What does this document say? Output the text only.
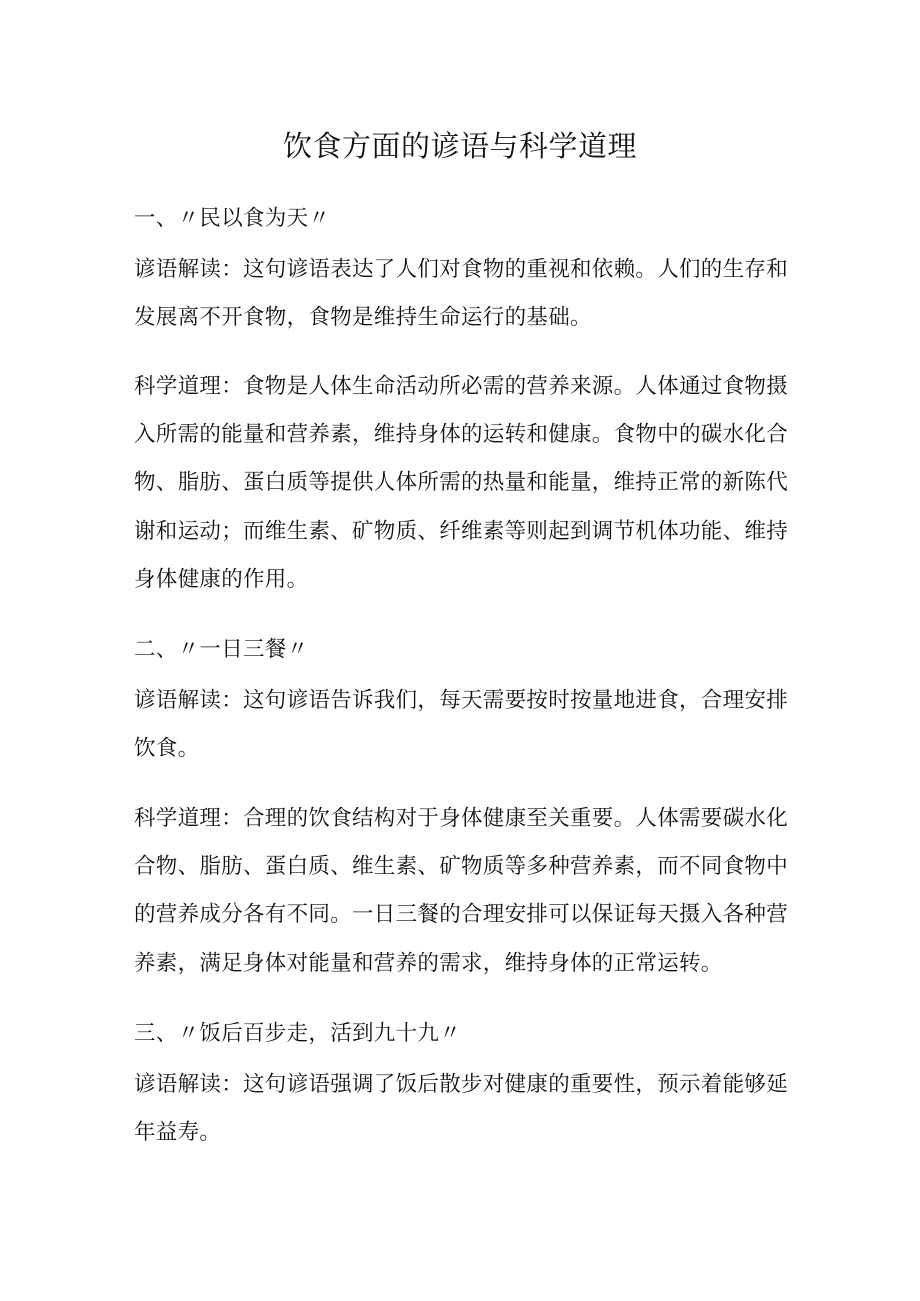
饮食方面的谚语与科学道理
一、〃民以食为天〃
谚语解读：这句谚语表达了人们对食物的重视和依赖。人们的生存和
发展离不开食物，食物是维持生命运行的基础。
科学道理：食物是人体生命活动所必需的营养来源。人体通过食物摄
入所需的能量和营养素，维持身体的运转和健康。食物中的碳水化合
物、脂肪、蛋白质等提供人体所需的热量和能量，维持正常的新陈代
谢和运动；而维生素、矿物质、纤维素等则起到调节机体功能、维持
身体健康的作用。
二、〃一日三餐〃
谚语解读：这句谚语告诉我们，每天需要按时按量地进食，合理安排
饮食。
科学道理：合理的饮食结构对于身体健康至关重要。人体需要碳水化
合物、脂肪、蛋白质、维生素、矿物质等多种营养素，而不同食物中
的营养成分各有不同。一日三餐的合理安排可以保证每天摄入各种营
养素，满足身体对能量和营养的需求，维持身体的正常运转。
三、〃饭后百步走，活到九十九〃
谚语解读：这句谚语强调了饭后散步对健康的重要性，预示着能够延
年益寿。
